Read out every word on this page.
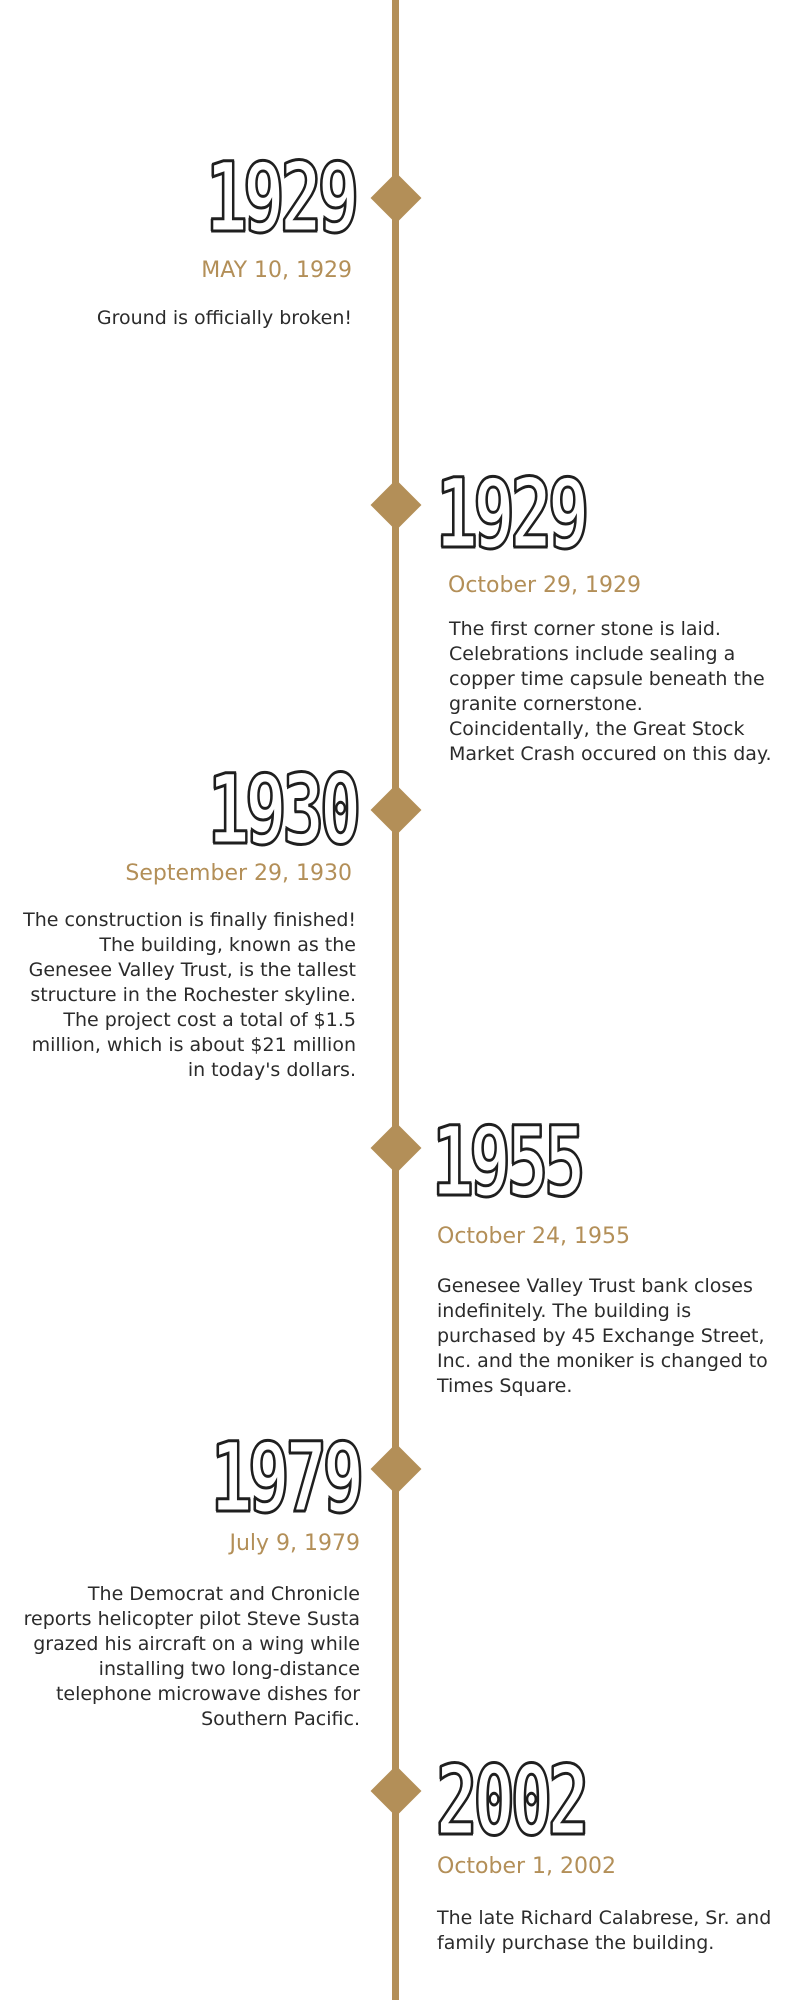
1929
MAY 10, 1929
Ground is officially broken!
1929
October 29, 1929
The first corner stone is laid. Celebrations include sealing a copper time capsule beneath the granite cornerstone. Coincidentally, the Great Stock Market Crash occured on this day.
1930
September 29, 1930
The construction is finally finished! The building, known as the Genesee Valley Trust, is the tallest structure in the Rochester skyline. The project cost a total of $1.5 million, which is about $21 million in today's dollars.
1955
October 24, 1955
Genesee Valley Trust bank closes indefinitely. The building is purchased by 45 Exchange Street, Inc. and the moniker is changed to Times Square.
1979
July 9, 1979
The Democrat and Chronicle reports helicopter pilot Steve Susta grazed his aircraft on a wing while installing two long-distance telephone microwave dishes for Southern Pacific.
2002
October 1, 2002
The late Richard Calabrese, Sr. and family purchase the building.
